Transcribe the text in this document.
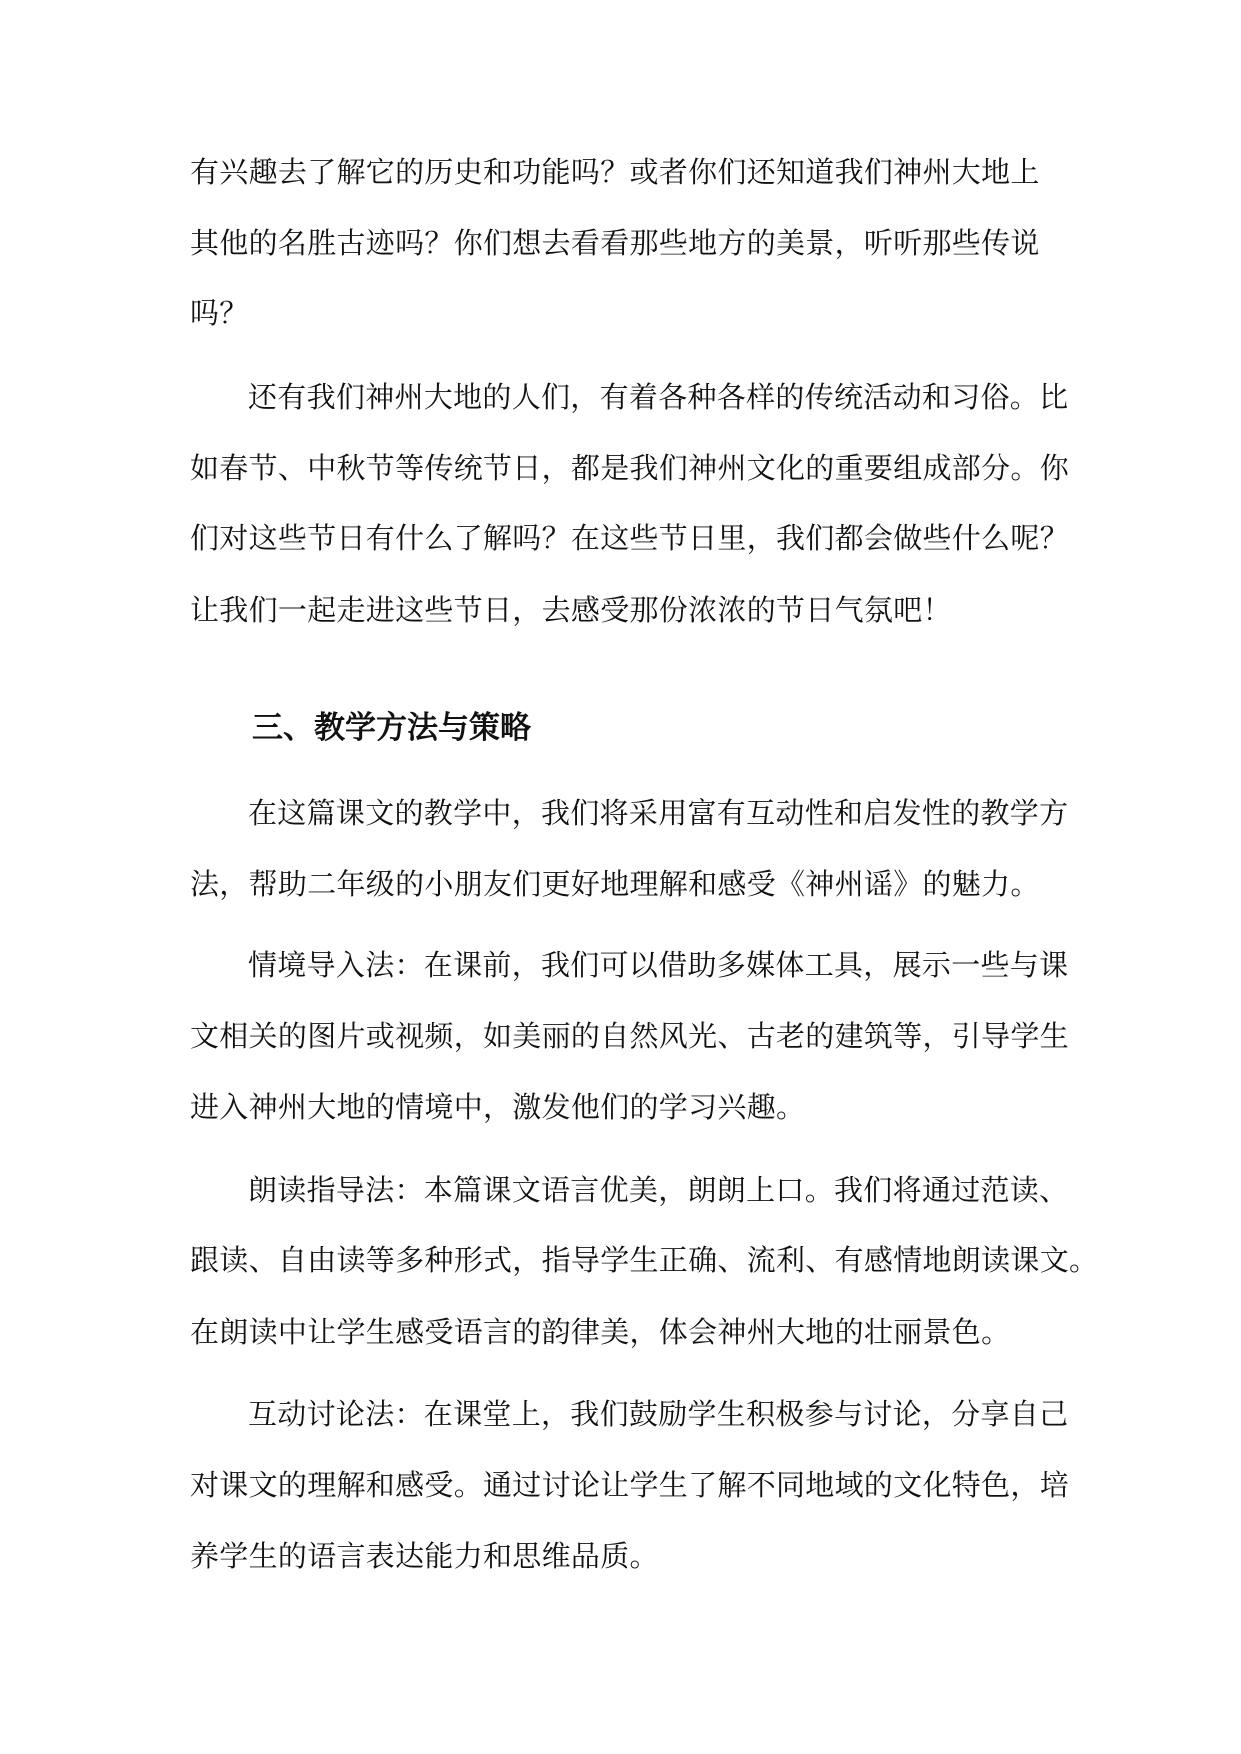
有兴趣去了解它的历史和功能吗？或者你们还知道我们神州大地上
其他的名胜古迹吗？你们想去看看那些地方的美景，听听那些传说
吗？
还有我们神州大地的人们，有着各种各样的传统活动和习俗。比
如春节、中秋节等传统节日，都是我们神州文化的重要组成部分。你
们对这些节日有什么了解吗？在这些节日里，我们都会做些什么呢？
让我们一起走进这些节日，去感受那份浓浓的节日气氛吧！
三、教学方法与策略
在这篇课文的教学中，我们将采用富有互动性和启发性的教学方
法，帮助二年级的小朋友们更好地理解和感受《神州谣》的魅力。
情境导入法：在课前，我们可以借助多媒体工具，展示一些与课
文相关的图片或视频，如美丽的自然风光、古老的建筑等，引导学生
进入神州大地的情境中，激发他们的学习兴趣。
朗读指导法：本篇课文语言优美，朗朗上口。我们将通过范读、
跟读、自由读等多种形式，指导学生正确、流利、有感情地朗读课文。
在朗读中让学生感受语言的韵律美，体会神州大地的壮丽景色。
互动讨论法：在课堂上，我们鼓励学生积极参与讨论，分享自己
对课文的理解和感受。通过讨论让学生了解不同地域的文化特色，培
养学生的语言表达能力和思维品质。
